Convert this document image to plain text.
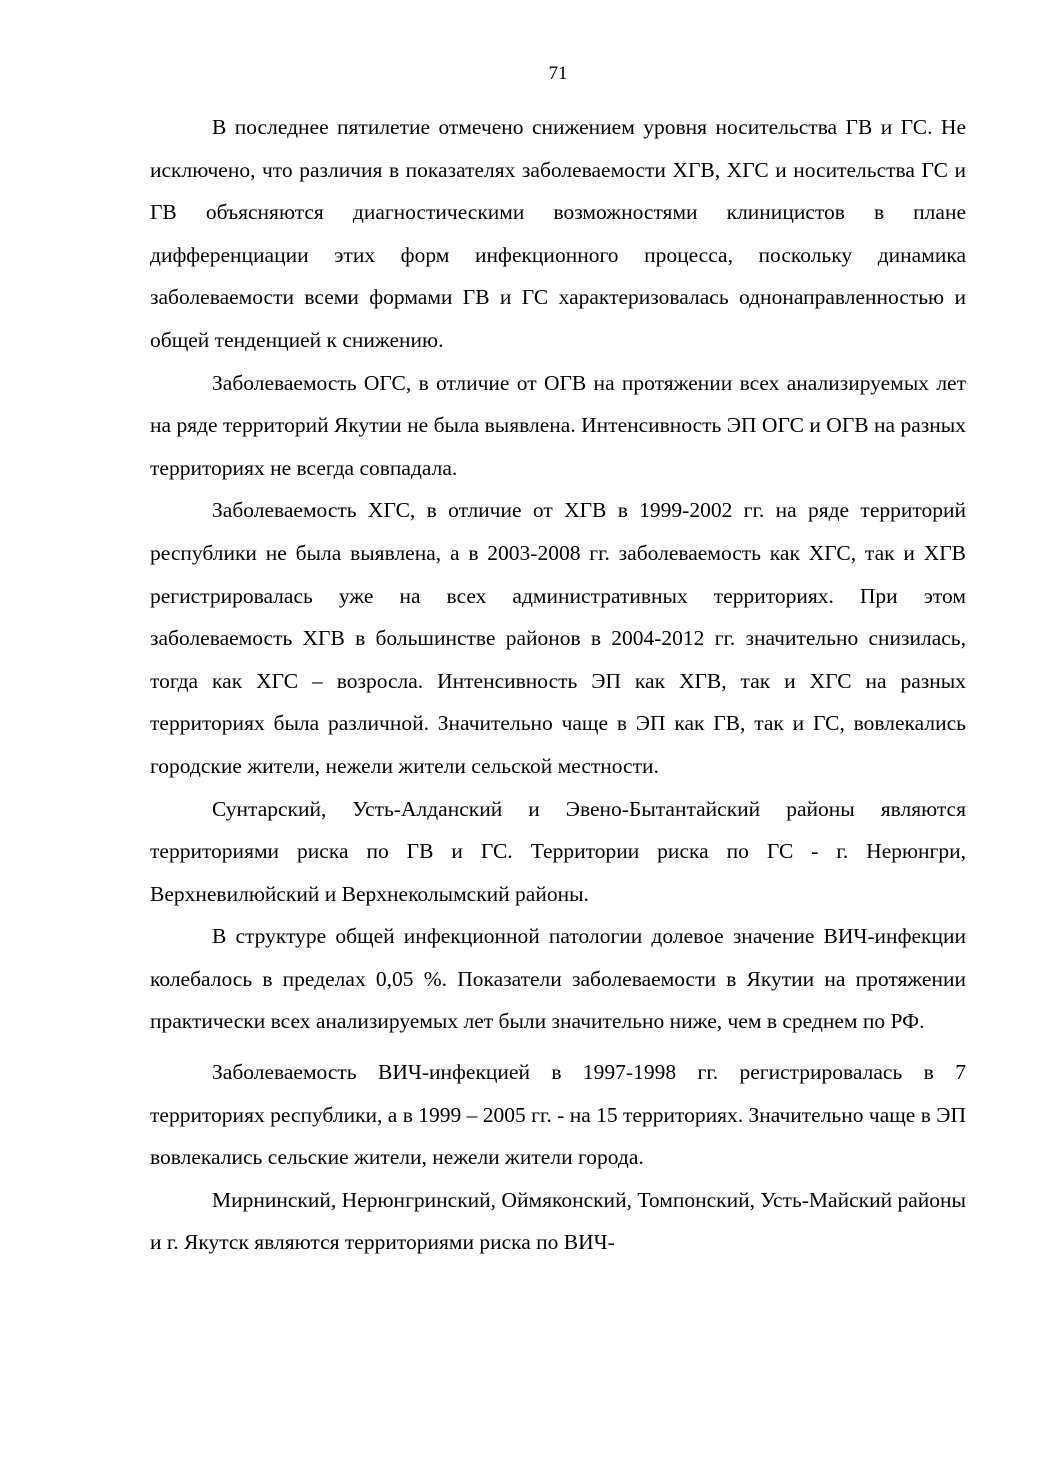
71

В последнее пятилетие отмечено снижением уровня носительства ГВ и ГС. Не исключено, что различия в показателях заболеваемости ХГВ, ХГС и носительства ГС и ГВ объясняются диагностическими возможностями клиницистов в плане дифференциации этих форм инфекционного процесса, поскольку динамика заболеваемости всеми формами ГВ и ГС характеризовалась однонаправленностью и общей тенденцией к снижению.

Заболеваемость ОГС, в отличие от ОГВ на протяжении всех анализируемых лет на ряде территорий Якутии не была выявлена. Интенсивность ЭП ОГС и ОГВ на разных территориях не всегда совпадала.

Заболеваемость ХГС, в отличие от ХГВ в 1999-2002 гг. на ряде территорий республики не была выявлена, а в 2003-2008 гг. заболеваемость как ХГС, так и ХГВ регистрировалась уже на всех административных территориях. При этом заболеваемость ХГВ в большинстве районов в 2004-2012 гг. значительно снизилась, тогда как ХГС – возросла. Интенсивность ЭП как ХГВ, так и ХГС на разных территориях была различной. Значительно чаще в ЭП как ГВ, так и ГС, вовлекались городские жители, нежели жители сельской местности.

Сунтарский, Усть-Алданский и Эвено-Бытантайский районы являются территориями риска по ГВ и ГС. Территории риска по ГС - г. Нерюнгри, Верхневилюйский и Верхнеколымский районы.

В структуре общей инфекционной патологии долевое значение ВИЧ-инфекции колебалось в пределах 0,05 %. Показатели заболеваемости в Якутии на протяжении практически всех анализируемых лет были значительно ниже, чем в среднем по РФ.

Заболеваемость ВИЧ-инфекцией в 1997-1998 гг. регистрировалась в 7 территориях республики, а в 1999 – 2005 гг. - на 15 территориях. Значительно чаще в ЭП вовлекались сельские жители, нежели жители города.

Мирнинский, Нерюнгринский, Оймяконский, Томпонский, Усть-Майский районы и г. Якутск являются территориями риска по ВИЧ-
